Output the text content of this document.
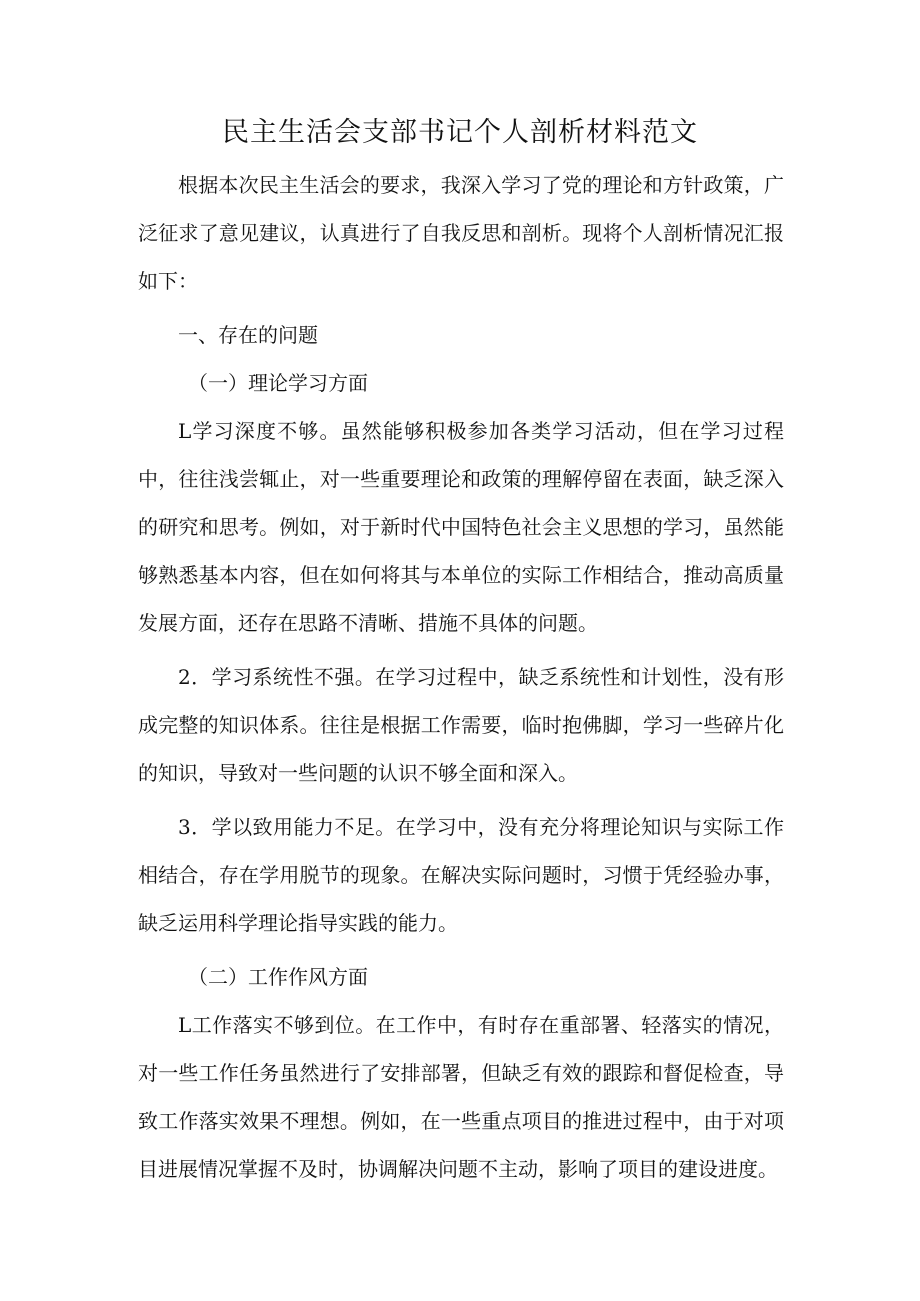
民主生活会支部书记个人剖析材料范文

根据本次民主生活会的要求，我深入学习了党的理论和方针政策，广泛征求了意见建议，认真进行了自我反思和剖析。现将个人剖析情况汇报如下：

一、存在的问题

（一）理论学习方面

L学习深度不够。虽然能够积极参加各类学习活动，但在学习过程中，往往浅尝辄止，对一些重要理论和政策的理解停留在表面，缺乏深入的研究和思考。例如，对于新时代中国特色社会主义思想的学习，虽然能够熟悉基本内容，但在如何将其与本单位的实际工作相结合，推动高质量发展方面，还存在思路不清晰、措施不具体的问题。

2．学习系统性不强。在学习过程中，缺乏系统性和计划性，没有形成完整的知识体系。往往是根据工作需要，临时抱佛脚，学习一些碎片化的知识，导致对一些问题的认识不够全面和深入。

3．学以致用能力不足。在学习中，没有充分将理论知识与实际工作相结合，存在学用脱节的现象。在解决实际问题时，习惯于凭经验办事，缺乏运用科学理论指导实践的能力。

（二）工作作风方面

L工作落实不够到位。在工作中，有时存在重部署、轻落实的情况，对一些工作任务虽然进行了安排部署，但缺乏有效的跟踪和督促检查，导致工作落实效果不理想。例如，在一些重点项目的推进过程中，由于对项目进展情况掌握不及时，协调解决问题不主动，影响了项目的建设进度。
